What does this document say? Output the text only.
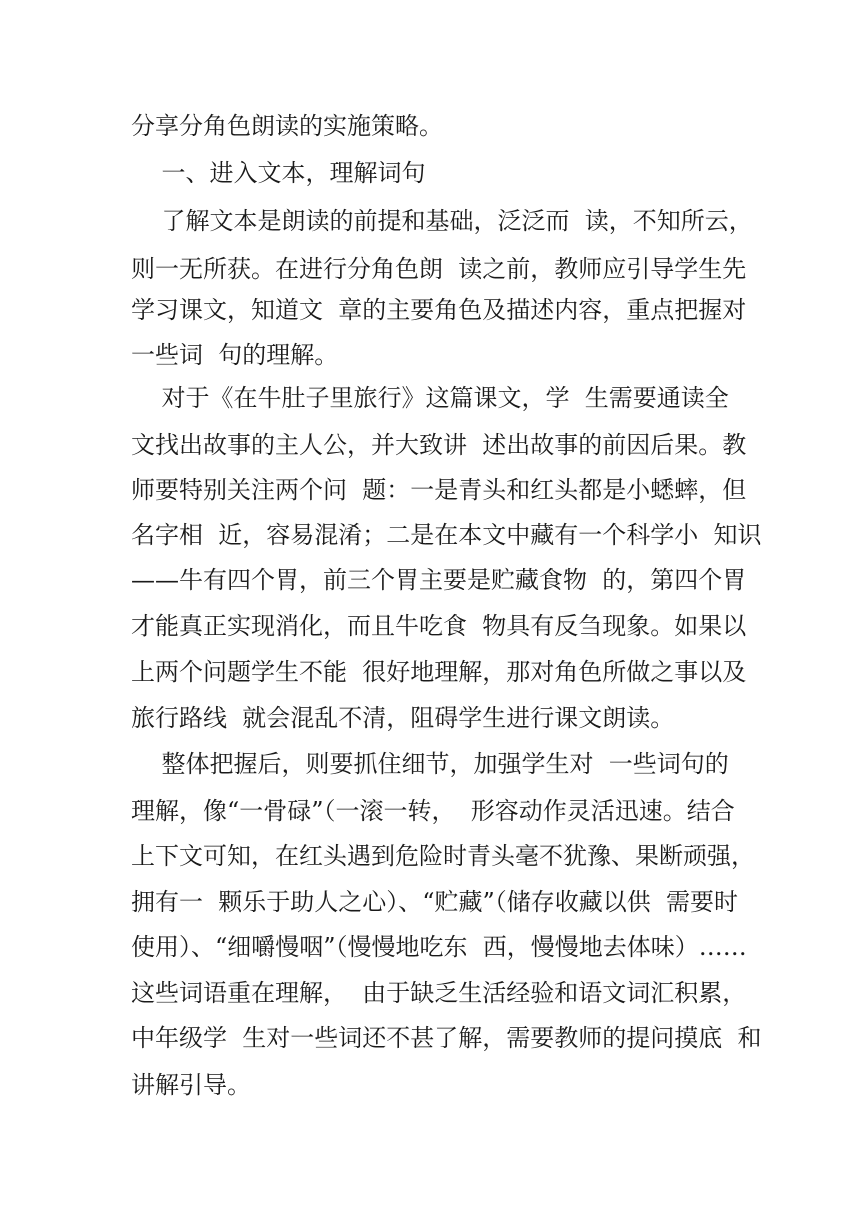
分享分角色朗读的实施策略。
一、进入文本，理解词句
了解文本是朗读的前提和基础，泛泛而  读，不知所云，
则一无所获。在进行分角色朗  读之前，教师应引导学生先
学习课文，知道文  章的主要角色及描述内容，重点把握对
一些词  句的理解。
对于《在牛肚子里旅行》这篇课文，学  生需要通读全
文找出故事的主人公，并大致讲  述出故事的前因后果。教
师要特别关注两个问  题：一是青头和红头都是小蟋蟀，但
名字相  近，容易混淆；二是在本文中藏有一个科学小  知识
——牛有四个胃，前三个胃主要是贮藏食物  的，第四个胃
才能真正实现消化，而且牛吃食  物具有反刍现象。如果以
上两个问题学生不能  很好地理解，那对角色所做之事以及
旅行路线  就会混乱不清，阻碍学生进行课文朗读。
整体把握后，则要抓住细节，加强学生对  一些词句的
理解，像“一骨碌”（一滚一转，  形容动作灵活迅速。结合
上下文可知，在红头遇到危险时青头毫不犹豫、果断顽强，
拥有一  颗乐于助人之心）、“贮藏”（储存收藏以供  需要时
使用）、“细嚼慢咽”（慢慢地吃东  西，慢慢地去体味）……
这些词语重在理解，  由于缺乏生活经验和语文词汇积累，
中年级学  生对一些词还不甚了解，需要教师的提问摸底  和
讲解引导。
